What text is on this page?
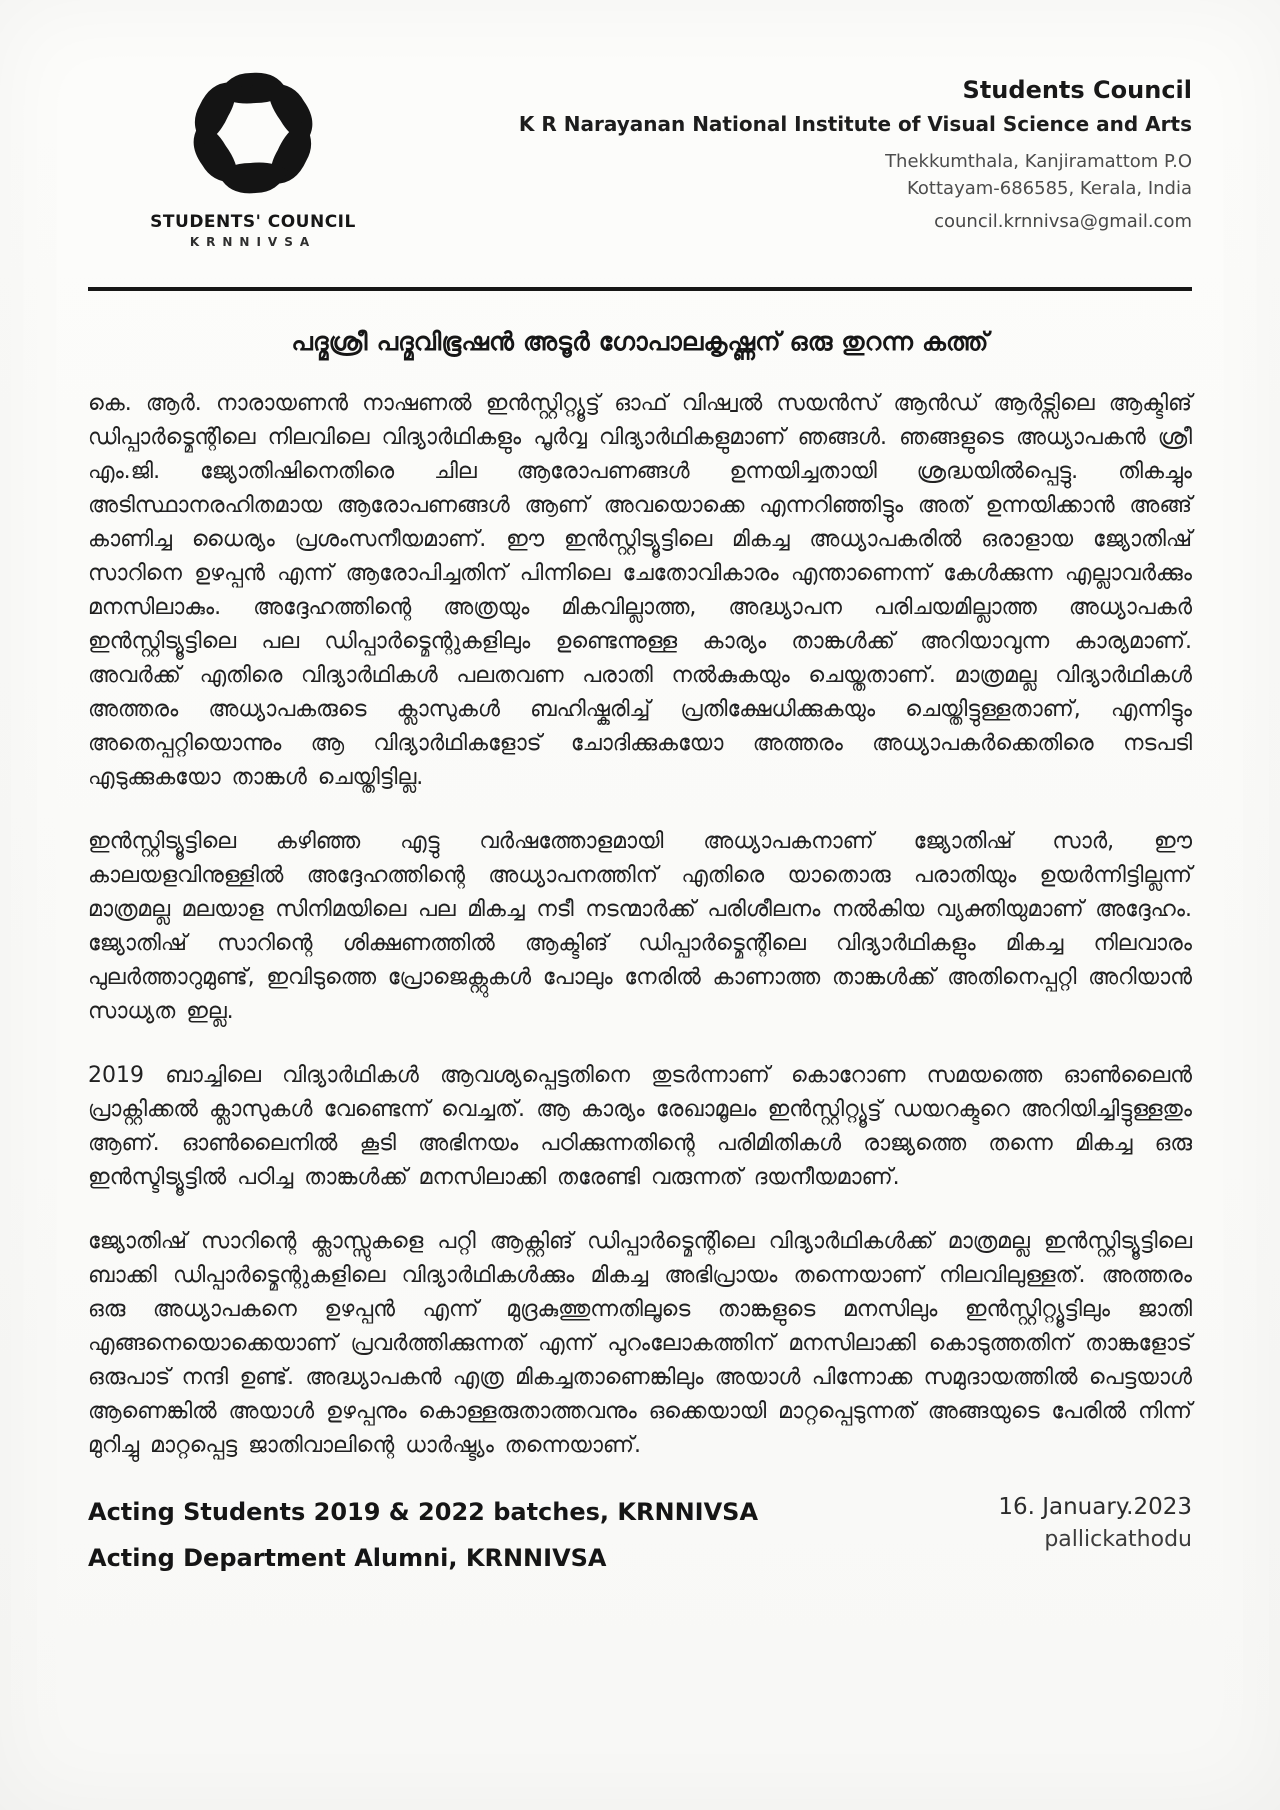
STUDENTS' COUNCIL
KRNNIVSA
Students Council
K R Narayanan National Institute of Visual Science and Arts
Thekkumthala, Kanjiramattom P.O
Kottayam-686585, Kerala, India
council.krnnivsa@gmail.com
പദ്മശ്രീ പദ്മവിഭൂഷൻ അടൂർ ഗോപാലകൃഷ്ണന് ഒരു തുറന്ന കത്ത്

കെ. ആർ. നാരായണൻ നാഷണൽ ഇൻസ്റ്റിറ്റ്യൂട്ട് ഓഫ് വിഷ്വൽ സയൻസ് ആൻഡ് ആർട്സിലെ ആക്ടിങ് ഡിപ്പാർട്മെന്റിലെ നിലവിലെ വിദ്യാർഥികളും പൂർവ്വ വിദ്യാർഥികളുമാണ് ഞങ്ങൾ. ഞങ്ങളുടെ അധ്യാപകൻ ശ്രീ എം.ജി. ജ്യോതിഷിനെതിരെ ചില ആരോപണങ്ങൾ ഉന്നയിച്ചതായി ശ്രദ്ധയിൽപ്പെട്ടു. തികച്ചും അടിസ്ഥാനരഹിതമായ ആരോപണങ്ങൾ ആണ് അവയൊക്കെ എന്നറിഞ്ഞിട്ടും അത് ഉന്നയിക്കാൻ അങ്ങ് കാണിച്ച ധൈര്യം പ്രശംസനീയമാണ്. ഈ ഇൻസ്റ്റിട്യൂട്ടിലെ മികച്ച അധ്യാപകരിൽ ഒരാളായ ജ്യോതിഷ് സാറിനെ ഉഴപ്പൻ എന്ന് ആരോപിച്ചതിന് പിന്നിലെ ചേതോവികാരം എന്താണെന്ന് കേൾക്കുന്ന എല്ലാവർക്കും മനസിലാകും. അദ്ദേഹത്തിന്റെ അത്രയും മികവില്ലാത്ത, അദ്ധ്യാപന പരിചയമില്ലാത്ത അധ്യാപകർ ഇൻസ്റ്റിട്യൂട്ടിലെ പല ഡിപ്പാർട്മെന്റുകളിലും ഉണ്ടെന്നുള്ള കാര്യം താങ്കൾക്ക് അറിയാവുന്ന കാര്യമാണ്. അവർക്ക് എതിരെ വിദ്യാർഥികൾ പലതവണ പരാതി നൽകുകയും ചെയ്തതാണ്. മാത്രമല്ല വിദ്യാർഥികൾ അത്തരം അധ്യാപകരുടെ ക്ലാസുകൾ ബഹിഷ്കരിച്ച് പ്രതിക്ഷേധിക്കുകയും ചെയ്തിട്ടുള്ളതാണ്, എന്നിട്ടും അതെപ്പറ്റിയൊന്നും ആ വിദ്യാർഥികളോട് ചോദിക്കുകയോ അത്തരം അധ്യാപകർക്കെതിരെ നടപടി എടുക്കുകയോ താങ്കൾ ചെയ്തിട്ടില്ല.

ഇൻസ്റ്റിട്യൂട്ടിലെ കഴിഞ്ഞ എട്ടു വർഷത്തോളമായി അധ്യാപകനാണ് ജ്യോതിഷ് സാർ, ഈ കാലയളവിനുള്ളിൽ അദ്ദേഹത്തിന്റെ അധ്യാപനത്തിന് എതിരെ യാതൊരു പരാതിയും ഉയർന്നിട്ടില്ലന്ന് മാത്രമല്ല മലയാള സിനിമയിലെ പല മികച്ച നടീ നടന്മാർക്ക് പരിശീലനം നൽകിയ വ്യക്തിയുമാണ് അദ്ദേഹം. ജ്യോതിഷ് സാറിന്റെ ശിക്ഷണത്തിൽ ആക്ടിങ് ഡിപ്പാർട്മെന്റിലെ വിദ്യാർഥികളും മികച്ച നിലവാരം പുലർത്താറുമുണ്ട്, ഇവിടുത്തെ പ്രോജെക്റ്റുകൾ പോലും നേരിൽ കാണാത്ത താങ്കൾക്ക് അതിനെപ്പറ്റി അറിയാൻ സാധ്യത ഇല്ല.

2019 ബാച്ചിലെ വിദ്യാർഥികൾ ആവശ്യപ്പെട്ടതിനെ തുടർന്നാണ് കൊറോണ സമയത്തെ ഓൺലൈൻ പ്രാക്റ്റിക്കൽ ക്ലാസുകൾ വേണ്ടെന്ന് വെച്ചത്. ആ കാര്യം രേഖാമൂലം ഇൻസ്റ്റിറ്റ്യൂട്ട് ഡയറക്ടറെ അറിയിച്ചിട്ടുള്ളതും ആണ്. ഓൺലൈനിൽ കൂടി അഭിനയം പഠിക്കുന്നതിന്റെ പരിമിതികൾ രാജ്യത്തെ തന്നെ മികച്ച ഒരു ഇൻസ്ടിട്യൂട്ടിൽ പഠിച്ച താങ്കൾക്ക് മനസിലാക്കി തരേണ്ടി വരുന്നത് ദയനീയമാണ്.

ജ്യോതിഷ് സാറിന്റെ ക്ലാസ്സുകളെ പറ്റി ആക്റ്റിങ് ഡിപ്പാർട്മെന്റിലെ വിദ്യാർഥികൾക്ക് മാത്രമല്ല ഇൻസ്റ്റിട്യൂട്ടിലെ ബാക്കി ഡിപ്പാർട്മെന്റുകളിലെ വിദ്യാർഥികൾക്കും മികച്ച അഭിപ്രായം തന്നെയാണ് നിലവിലുള്ളത്. അത്തരം ഒരു അധ്യാപകനെ ഉഴപ്പൻ എന്ന് മുദ്രകുത്തുന്നതിലൂടെ താങ്കളുടെ മനസിലും ഇൻസ്റ്റിറ്റ്യൂട്ടിലും ജാതി എങ്ങനെയൊക്കെയാണ് പ്രവർത്തിക്കുന്നത് എന്ന് പുറംലോകത്തിന് മനസിലാക്കി കൊടുത്തതിന് താങ്കളോട് ഒരുപാട് നന്ദി ഉണ്ട്. അദ്ധ്യാപകൻ എത്ര മികച്ചതാണെങ്കിലും അയാൾ പിന്നോക്ക സമുദായത്തിൽ പെട്ടയാൾ ആണെങ്കിൽ അയാൾ ഉഴപ്പനും കൊള്ളരുതാത്തവനും ഒക്കെയായി മാറ്റപ്പെടുന്നത് അങ്ങയുടെ പേരിൽ നിന്ന് മുറിച്ചു മാറ്റപ്പെട്ട ജാതിവാലിന്റെ ധാർഷ്ട്യം തന്നെയാണ്.

Acting Students 2019 & 2022 batches, KRNNIVSA
Acting Department Alumni, KRNNIVSA
16. January.2023
pallickathodu
